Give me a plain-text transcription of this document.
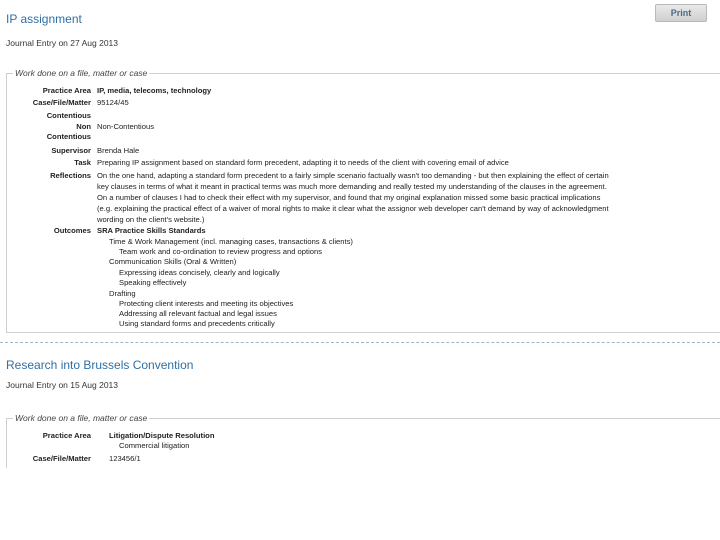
Print
IP assignment
Journal Entry on 27 Aug 2013
Work done on a file, matter or case
Practice Area IP, media, telecoms, technology
Case/File/Matter 95124/45
Contentious
Non Non-Contentious
Contentious
Supervisor Brenda Hale
Task Preparing IP assignment based on standard form precedent, adapting it to needs of the client with covering email of advice
Reflections On the one hand, adapting a standard form precedent to a fairly simple scenario factually wasn't too demanding - but then explaining the effect of certain
key clauses in terms of what it meant in practical terms was much more demanding and really tested my understanding of the clauses in the agreement.
On a number of clauses I had to check their effect with my supervisor, and found that my original explanation missed some basic practical implications
(e.g. explaining the practical effect of a waiver of moral rights to make it clear what the assignor web developer can't demand by way of acknowledgment
wording on the client's website.)
Outcomes SRA Practice Skills Standards
Time & Work Management (incl. managing cases, transactions & clients)
Team work and co-ordination to review progress and options
Communication Skills (Oral & Written)
Expressing ideas concisely, clearly and logically
Speaking effectively
Drafting
Protecting client interests and meeting its objectives
Addressing all relevant factual and legal issues
Using standard forms and precedents critically
Research into Brussels Convention
Journal Entry on 15 Aug 2013
Work done on a file, matter or case
Practice Area Litigation/Dispute Resolution
Commercial litigation
Case/File/Matter 123456/1
